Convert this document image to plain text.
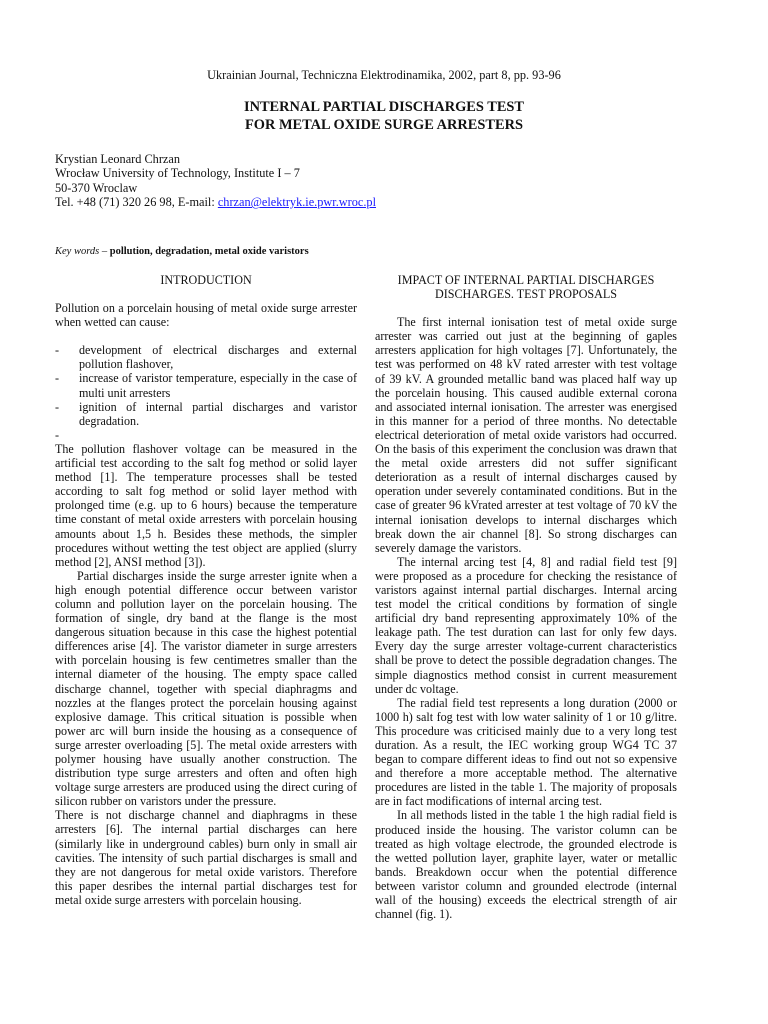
Ukrainian Journal, Techniczna Elektrodinamika, 2002, part 8, pp. 93-96
INTERNAL PARTIAL DISCHARGES TEST
FOR METAL OXIDE SURGE ARRESTERS
Krystian Leonard Chrzan
Wrocław University of Technology, Institute I – 7
50-370 Wroclaw
Tel. +48 (71) 320 26 98, E-mail: chrzan@elektryk.ie.pwr.wroc.pl
Key words – pollution, degradation, metal oxide varistors

INTRODUCTION

Pollution on a porcelain housing of metal oxide surge arrester when wetted can cause:

- development of electrical discharges and external pollution flashover,
- increase of varistor temperature, especially in the case of multi unit arresters
- ignition of internal partial discharges and varistor degradation.

-

The pollution flashover voltage can be measured in the artificial test according to the salt fog method or solid layer method [1]. The temperature processes shall be tested according to salt fog method or solid layer method with prolonged time (e.g. up to 6 hours) because the temperature time constant of metal oxide arresters with porcelain housing amounts about 1,5 h. Besides these methods, the simpler procedures without wetting the test object are applied (slurry method [2], ANSI method [3]).

Partial discharges inside the surge arrester ignite when a high enough potential difference occur between varistor column and pollution layer on the porcelain housing. The formation of single, dry band at the flange is the most dangerous situation because in this case the highest potential differences arise [4]. The varistor diameter in surge arresters with porcelain housing is few centimetres smaller than the internal diameter of the housing. The empty space called discharge channel, together with special diaphragms and nozzles at the flanges protect the porcelain housing against explosive damage. This critical situation is possible when power arc will burn inside the housing as a consequence of surge arrester overloading [5]. The metal oxide arresters with polymer housing have usually another construction. The distribution type surge arresters and often and often high voltage surge arresters are produced using the direct curing of silicon rubber on varistors under the pressure.

There is not discharge channel and diaphragms in these arresters [6]. The internal partial discharges can here (similarly like in underground cables) burn only in small air cavities. The intensity of such partial discharges is small and they are not dangerous for metal oxide varistors. Therefore this paper desribes the internal partial discharges test for metal oxide surge arresters with porcelain housing.

IMPACT OF INTERNAL PARTIAL DISCHARGES

DISCHARGES. TEST PROPOSALS

The first internal ionisation test of metal oxide surge arrester was carried out just at the beginning of gaples arresters application for high voltages [7]. Unfortunately, the test was performed on 48 kV rated arrester with test voltage of 39 kV. A grounded metallic band was placed half way up the porcelain housing. This caused audible external corona and associated internal ionisation. The arrester was energised in this manner for a period of three months. No detectable electrical deterioration of metal oxide varistors had occurred. On the basis of this experiment the conclusion was drawn that the metal oxide arresters did not suffer significant deterioration as a result of internal discharges caused by operation under severely contaminated conditions. But in the case of greater 96 kVrated arrester at test voltage of 70 kV the internal ionisation develops to internal discharges which break down the air channel [8]. So strong discharges can severely damage the varistors.

The internal arcing test [4, 8] and radial field test [9] were proposed as a procedure for checking the resistance of varistors against internal partial discharges. Internal arcing test model the critical conditions by formation of single artificial dry band representing approximately 10% of the leakage path. The test duration can last for only few days. Every day the surge arrester voltage-current characteristics shall be prove to detect the possible degradation changes. The simple diagnostics method consist in current measurement under dc voltage.

The radial field test represents a long duration (2000 or 1000 h) salt fog test with low water salinity of 1 or 10 g/litre. This procedure was criticised mainly due to a very long test duration. As a result, the IEC working group WG4 TC 37 began to compare different ideas to find out not so expensive and therefore a more acceptable method. The alternative procedures are listed in the table 1. The majority of proposals are in fact modifications of internal arcing test.

In all methods listed in the table 1 the high radial field is produced inside the housing. The varistor column can be treated as high voltage electrode, the grounded electrode is the wetted pollution layer, graphite layer, water or metallic bands. Breakdown occur when the potential difference between varistor column and grounded electrode (internal wall of the housing) exceeds the electrical strength of air channel (fig. 1).
